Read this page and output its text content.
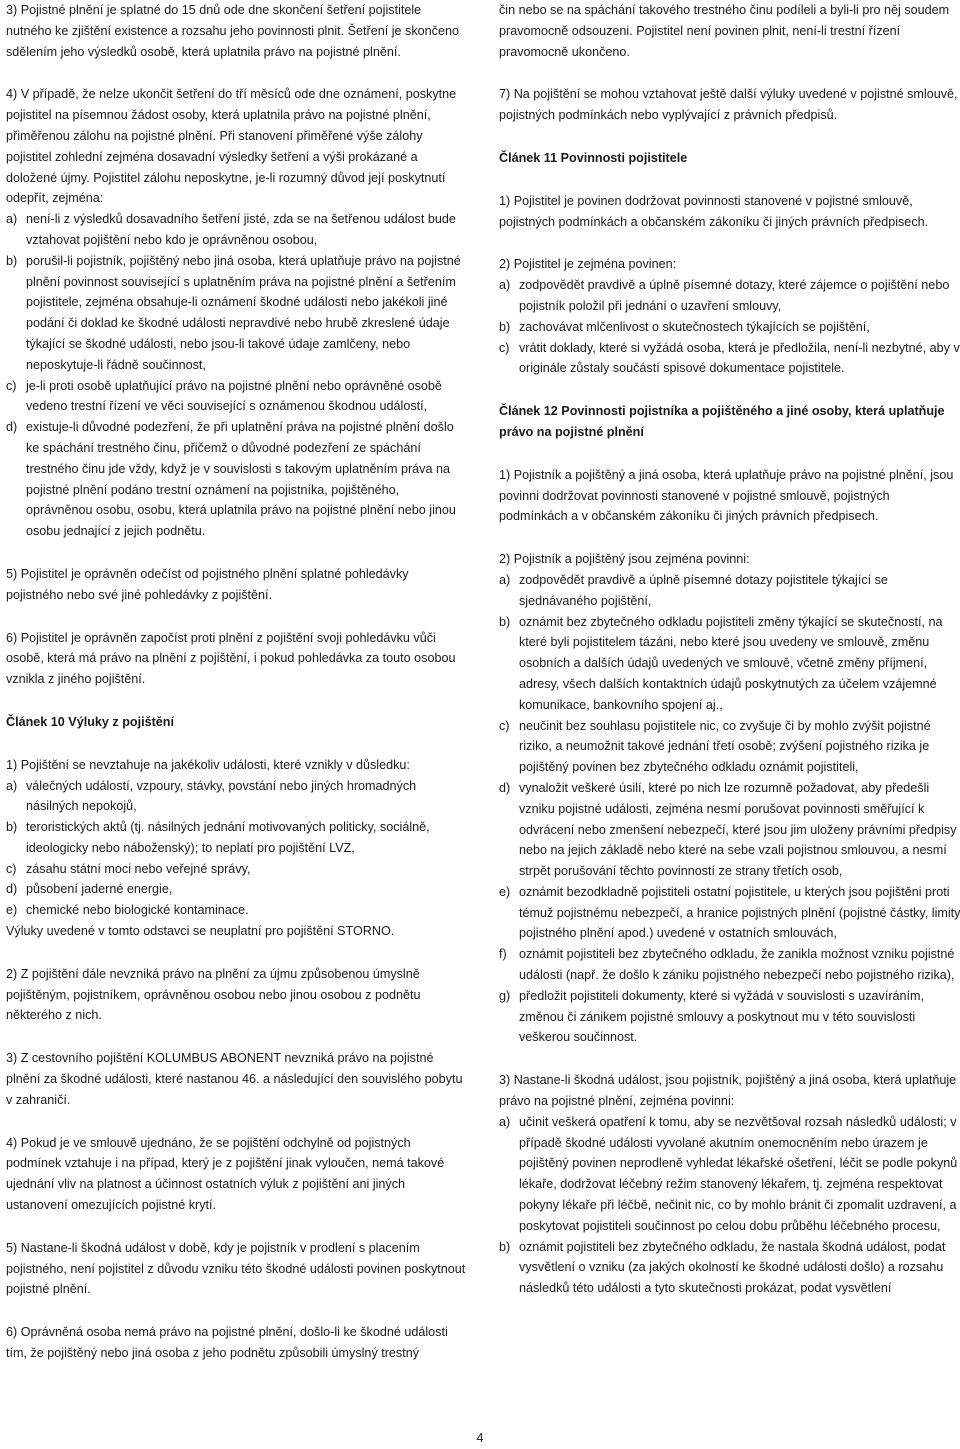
3) Pojistné plnění je splatné do 15 dnů ode dne skončení šetření pojistitele nutného ke zjištění existence a rozsahu jeho povinnosti plnit. Šetření je skončeno sdělením jeho výsledků osobě, která uplatnila právo na pojistné plnění.

4) V případě, že nelze ukončit šetření do tří měsíců ode dne oznámení, poskytne pojistitel na písemnou žádost osoby, která uplatnila právo na pojistné plnění, přiměřenou zálohu na pojistné plnění. Při stanovení přiměřené výše zálohy pojistitel zohlední zejména dosavadní výsledky šetření a výši prokázané a doložené újmy. Pojistitel zálohu neposkytne, je-li rozumný důvod její poskytnutí odepřít, zejména:

a) není-li z výsledků dosavadního šetření jisté, zda se na šetřenou událost bude vztahovat pojištění nebo kdo je oprávněnou osobou,
b) porušil-li pojistník, pojištěný nebo jiná osoba, která uplatňuje právo na pojistné plnění povinnost související s uplatněním práva na pojistné plnění a šetřením pojistitele, zejména obsahuje-li oznámení škodné události nebo jakékoli jiné podání či doklad ke škodné události nepravdivé nebo hrubě zkreslené údaje týkající se škodné události, nebo jsou-li takové údaje zamlčeny, nebo neposkytuje-li řádně součinnost,
c) je-li proti osobě uplatňující právo na pojistné plnění nebo oprávněné osobě vedeno trestní řízení ve věci související s oznámenou škodnou událostí,
d) existuje-li důvodné podezření, že při uplatnění práva na pojistné plnění došlo ke spáchání trestného činu, přičemž o důvodné podezření ze spáchání trestného činu jde vždy, když je v souvislosti s takovým uplatněním práva na pojistné plnění podáno trestní oznámení na pojistníka, pojištěného, oprávněnou osobu, osobu, která uplatnila právo na pojistné plnění nebo jinou osobu jednající z jejich podnětu.

5) Pojistitel je oprávněn odečíst od pojistného plnění splatné pohledávky pojistného nebo své jiné pohledávky z pojištění.

6) Pojistitel je oprávněn započíst proti plnění z pojištění svoji pohledávku vůči osobě, která má právo na plnění z pojištění, i pokud pohledávka za touto osobou vznikla z jiného pojištění.

Článek 10 Výluky z pojištění

1) Pojištění se nevztahuje na jakékoliv události, které vznikly v důsledku:

a) válečných událostí, vzpoury, stávky, povstání nebo jiných hromadných násilných nepokojů,
b) teroristických aktů (tj. násilných jednání motivovaných politicky, sociálně, ideologicky nebo náboženský); to neplatí pro pojištění LVZ,
c) zásahu státní moci nebo veřejné správy,
d) působení jaderné energie,
e) chemické nebo biologické kontaminace.

Výluky uvedené v tomto odstavci se neuplatní pro pojištění STORNO.

2) Z pojištění dále nevzniká právo na plnění za újmu způsobenou úmyslně pojištěným, pojistníkem, oprávněnou osobou nebo jinou osobou z podnětu některého z nich.

3) Z cestovního pojištění KOLUMBUS ABONENT nevzniká právo na pojistné plnění za škodné události, které nastanou 46. a následující den souvislého pobytu v zahraničí.

4) Pokud je ve smlouvě ujednáno, že se pojištění odchylně od pojistných podmínek vztahuje i na případ, který je z pojištění jinak vyloučen, nemá takové ujednání vliv na platnost a účinnost ostatních výluk z pojištění ani jiných ustanovení omezujících pojistné krytí.

5) Nastane-li škodná událost v době, kdy je pojistník v prodlení s placením pojistného, není pojistitel z důvodu vzniku této škodné události povinen poskytnout pojistné plnění.

6) Oprávněná osoba nemá právo na pojistné plnění, došlo-li ke škodné události tím, že pojištěný nebo jiná osoba z jeho podnětu způsobili úmyslný trestný

čin nebo se na spáchání takového trestného činu podíleli a byli-li pro něj soudem pravomocně odsouzeni. Pojistitel není povinen plnit, není-li trestní řízení pravomocně ukončeno.

7) Na pojištění se mohou vztahovat ještě další výluky uvedené v pojistné smlouvě, pojistných podmínkách nebo vyplývající z právních předpisů.

Článek 11 Povinnosti pojistitele

1) Pojistitel je povinen dodržovat povinnosti stanovené v pojistné smlouvě, pojistných podmínkách a občanském zákoníku či jiných právních předpisech.

2) Pojistitel je zejména povinen:

a) zodpovědět pravdivě a úplně písemné dotazy, které zájemce o pojištění nebo pojistník položil při jednání o uzavření smlouvy,
b) zachovávat mlčenlivost o skutečnostech týkajících se pojištění,
c) vrátit doklady, které si vyžádá osoba, která je předložila, není-li nezbytné, aby v originále zůstaly součástí spisové dokumentace pojistitele.
Článek 12 Povinnosti pojistníka a pojištěného a jiné osoby, která uplatňuje právo na pojistné plnění

1) Pojistník a pojištěný a jiná osoba, která uplatňuje právo na pojistné plnění, jsou povinni dodržovat povinnosti stanovené v pojistné smlouvě, pojistných podmínkách a v občanském zákoníku či jiných právních předpisech.

2) Pojistník a pojištěný jsou zejména povinni:

a) zodpovědět pravdivě a úplně písemné dotazy pojistitele týkající se sjednávaného pojištění,
b) oznámit bez zbytečného odkladu pojistiteli změny týkající se skutečností, na které byli pojistitelem tázáni, nebo které jsou uvedeny ve smlouvě, změnu osobních a dalších údajů uvedených ve smlouvě, včetně změny příjmení, adresy, všech dalších kontaktních údajů poskytnutých za účelem vzájemné komunikace, bankovního spojení aj.,
c) neučinit bez souhlasu pojistitele nic, co zvyšuje či by mohlo zvýšit pojistné riziko, a neumožnit takové jednání třetí osobě; zvýšení pojistného rizika je pojištěný povinen bez zbytečného odkladu oznámit pojistiteli,
d) vynaložit veškeré úsilí, které po nich lze rozumně požadovat, aby předešli vzniku pojistné události, zejména nesmí porušovat povinnosti směřující k odvrácení nebo zmenšení nebezpečí, které jsou jim uloženy právními předpisy nebo na jejich základě nebo které na sebe vzali pojistnou smlouvou, a nesmí strpět porušování těchto povinností ze strany třetích osob,
e) oznámit bezodkladně pojistiteli ostatní pojistitele, u kterých jsou pojištěni proti témuž pojistnému nebezpečí, a hranice pojistných plnění (pojistné částky, limity pojistného plnění apod.) uvedené v ostatních smlouvách,
f) oznámit pojistiteli bez zbytečného odkladu, že zanikla možnost vzniku pojistné události (např. že došlo k zániku pojistného nebezpečí nebo pojistného rizika),
g) předložit pojistiteli dokumenty, které si vyžádá v souvislosti s uzavíráním, změnou či zánikem pojistné smlouvy a poskytnout mu v této souvislosti veškerou součinnost.

3) Nastane-li škodná událost, jsou pojistník, pojištěný a jiná osoba, která uplatňuje právo na pojistné plnění, zejména povinni:

a) učinit veškerá opatření k tomu, aby se nezvětšoval rozsah následků události; v případě škodné události vyvolané akutním onemocněním nebo úrazem je pojištěný povinen neprodleně vyhledat lékařské ošetření, léčit se podle pokynů lékaře, dodržovat léčebný režim stanovený lékařem, tj. zejména respektovat pokyny lékaře při léčbě, nečinit nic, co by mohlo bránit či zpomalit uzdravení, a poskytovat pojistiteli součinnost po celou dobu průběhu léčebného procesu,
b) oznámit pojistiteli bez zbytečného odkladu, že nastala škodná událost, podat vysvětlení o vzniku (za jakých okolností ke škodné události došlo) a rozsahu následků této události a tyto skutečnosti prokázat, podat vysvětlení
4
